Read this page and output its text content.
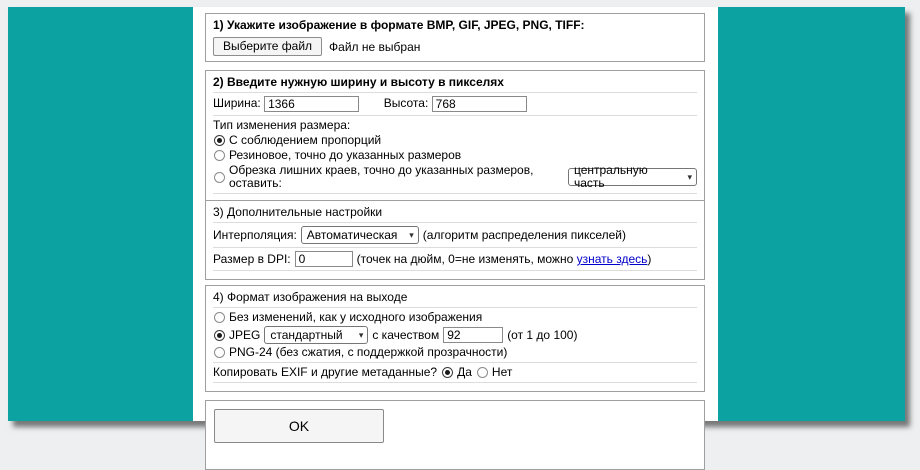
1) Укажите изображение в формате BMP, GIF, JPEG, PNG, TIFF:
Выберите файл	Файл не выбран
2) Введите нужную ширину и высоту в пикселях
Ширина: 1366	Высота: 768
Тип изменения размера:
С соблюдением пропорций
Резиновое, точно до указанных размеров
Обрезка лишних краев, точно до указанных размеров, оставить:
центральную часть	▾
3) Дополнительные настройки
Интерполяция: Автоматическая ▾ (алгоритм распределения пикселей)
Размер в DPI:
0	(точек на дюйм, 0=не изменять, можно
узнать здесь )
4) Формат изображения на выходе
Без изменений, как у исходного изображения
JPEG стандартный ▾ с качеством
92	(от 1 до 100)
PNG-24 (без сжатия, с поддержкой прозрачности)
Копировать EXIF и другие метаданные? Да Нет
OK
